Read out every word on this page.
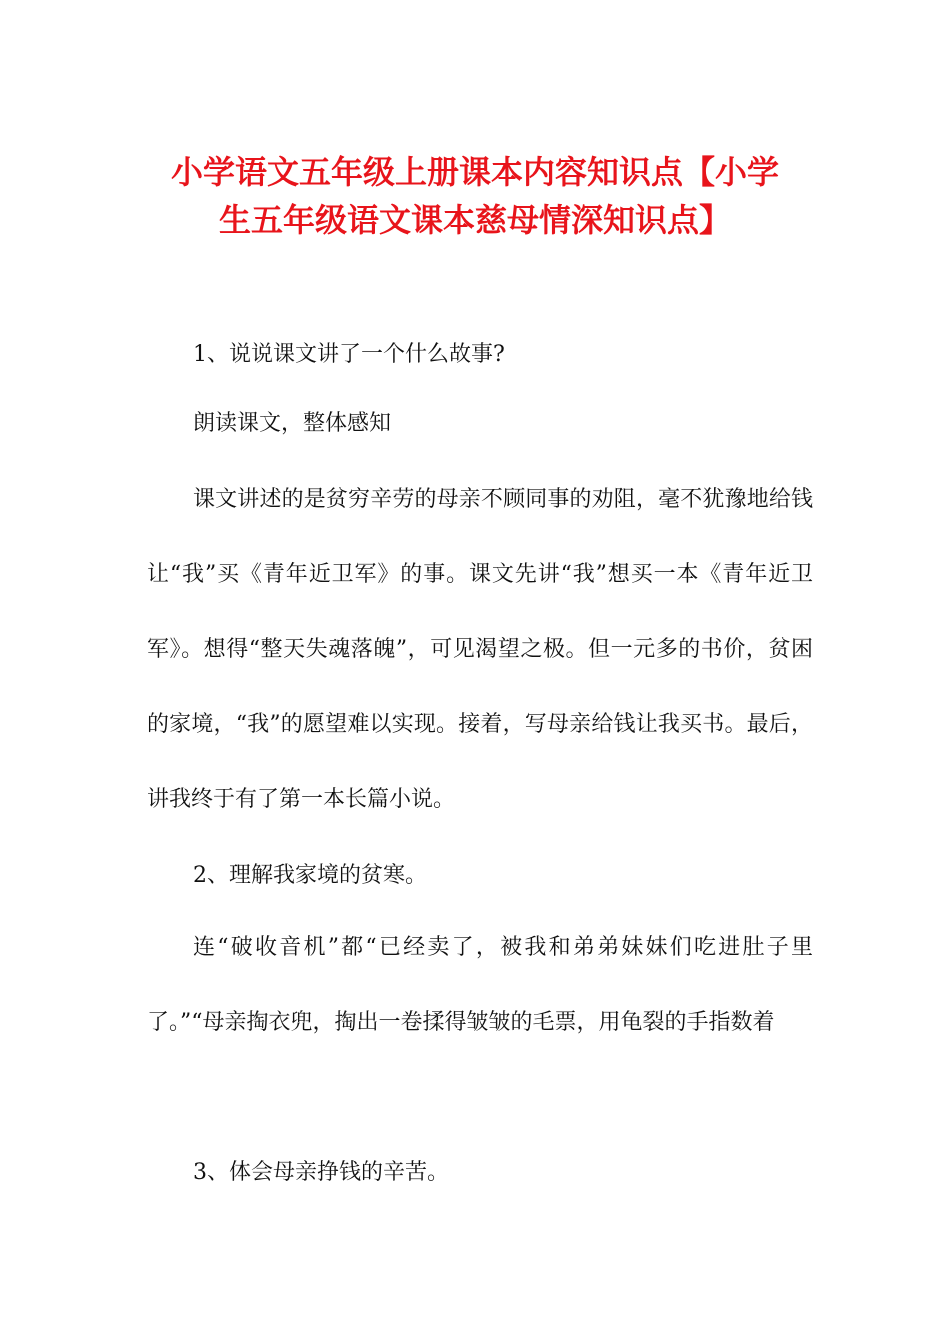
小学语文五年级上册课本内容知识点【小学
生五年级语文课本慈母情深知识点】

1、说说课文讲了一个什么故事?

朗读课文，整体感知

课文讲述的是贫穷辛劳的母亲不顾同事的劝阻，毫不犹豫地给钱让“我”买《青年近卫军》的事。课文先讲“我”想买一本《青年近卫军》。想得“整天失魂落魄”，可见渴望之极。但一元多的书价，贫困的家境，“我”的愿望难以实现。接着，写母亲给钱让我买书。最后，讲我终于有了第一本长篇小说。

2、理解我家境的贫寒。

连“破收音机”都“已经卖了，被我和弟弟妹妹们吃进肚子里了。”“母亲掏衣兜，掏出一卷揉得皱皱的毛票，用龟裂的手指数着

3、体会母亲挣钱的辛苦。
